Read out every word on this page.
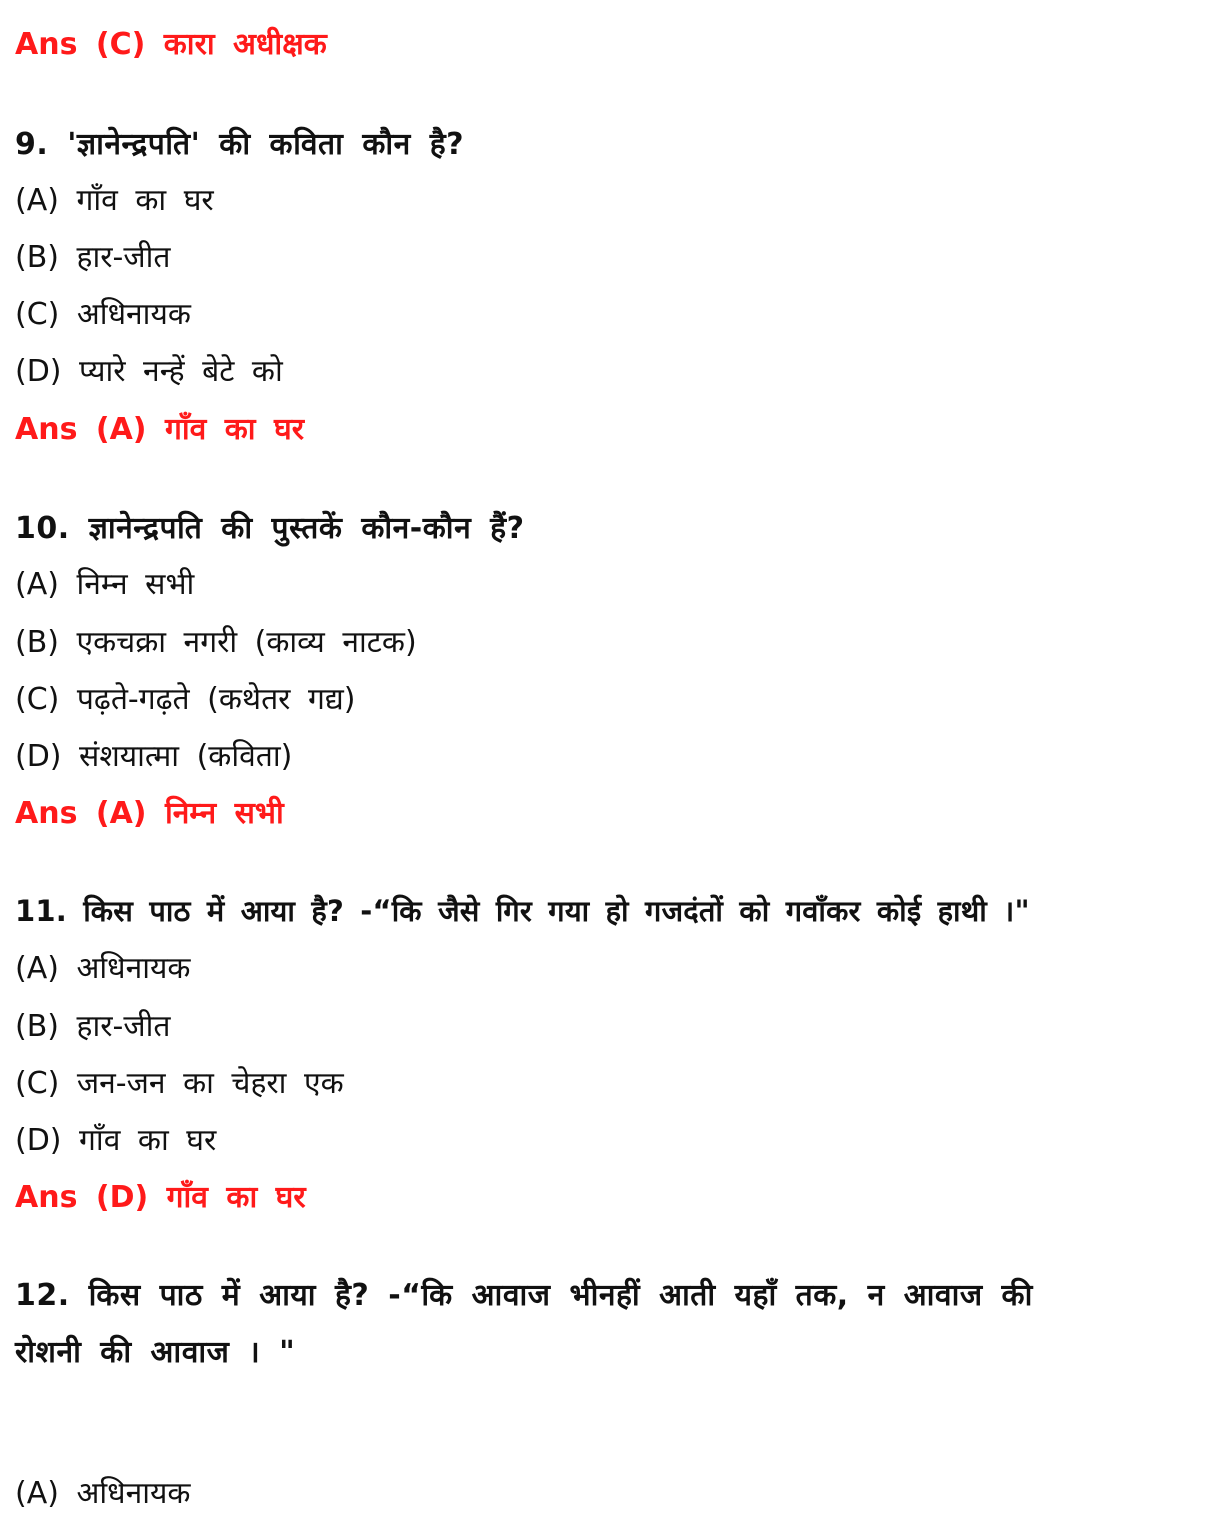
Ans (C) कारा अधीक्षक
9. 'ज्ञानेन्द्रपति' की कविता कौन है?
(A) गाँव का घर
(B) हार-जीत
(C) अधिनायक
(D) प्यारे नन्हें बेटे को
Ans (A) गाँव का घर
10. ज्ञानेन्द्रपति की पुस्तकें कौन-कौन हैं?
(A) निम्न सभी
(B) एकचक्रा नगरी (काव्य नाटक)
(C) पढ़ते-गढ़ते (कथेतर गद्य)
(D) संशयात्मा (कविता)
Ans (A) निम्न सभी
11. किस पाठ में आया है? -“कि जैसे गिर गया हो गजदंतों को गवाँकर कोई हाथी ।"
(A) अधिनायक
(B) हार-जीत
(C) जन-जन का चेहरा एक
(D) गाँव का घर
Ans (D) गाँव का घर
12. किस पाठ में आया है? -“कि आवाज भीनहीं आती यहाँ तक, न आवाज की
रोशनी की आवाज । "
(A) अधिनायक
